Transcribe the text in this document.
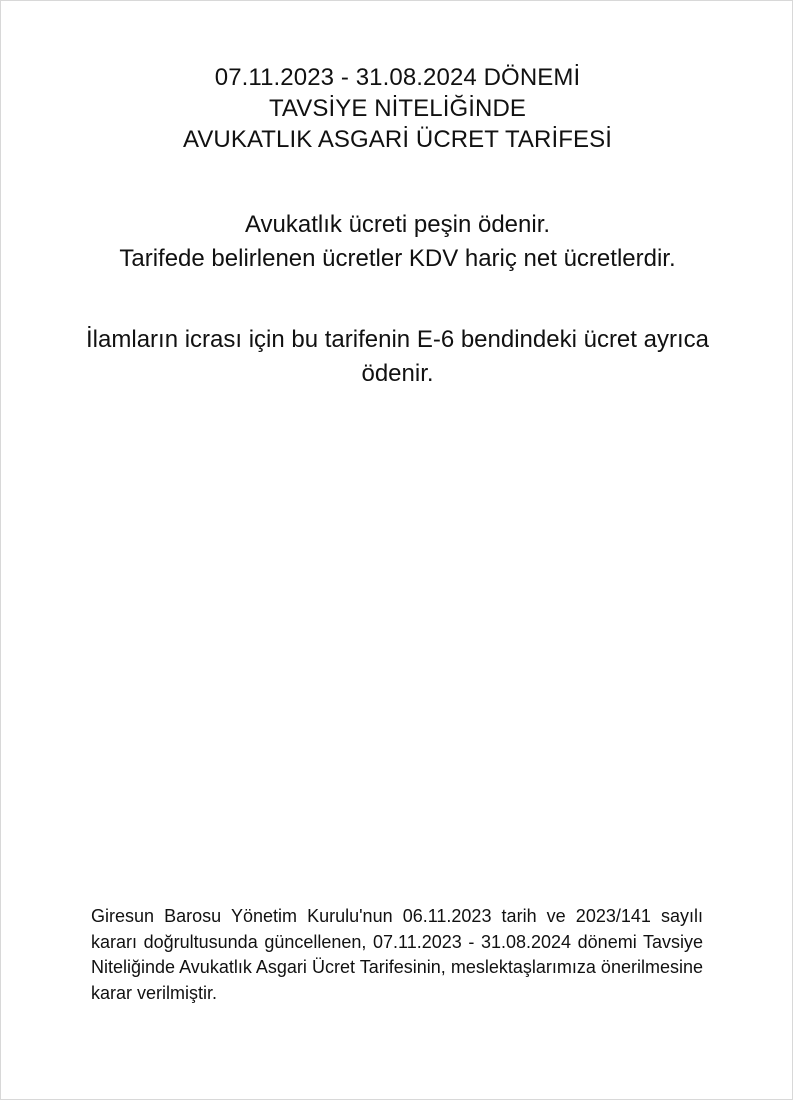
07.11.2023 - 31.08.2024 DÖNEMİ
TAVSİYE NİTELİĞİNDE
AVUKATLIK ASGARİ ÜCRET TARİFESİ
Avukatlık ücreti peşin ödenir.
Tarifede belirlenen ücretler KDV hariç net ücretlerdir.
İlamların icrası için bu tarifenin E-6 bendindeki ücret ayrıca ödenir.
Giresun Barosu Yönetim Kurulu'nun 06.11.2023 tarih ve 2023/141 sayılı kararı doğrultusunda güncellenen, 07.11.2023 - 31.08.2024 dönemi Tavsiye Niteliğinde Avukatlık Asgari Ücret Tarifesinin, meslektaşlarımıza önerilmesine karar verilmiştir.
